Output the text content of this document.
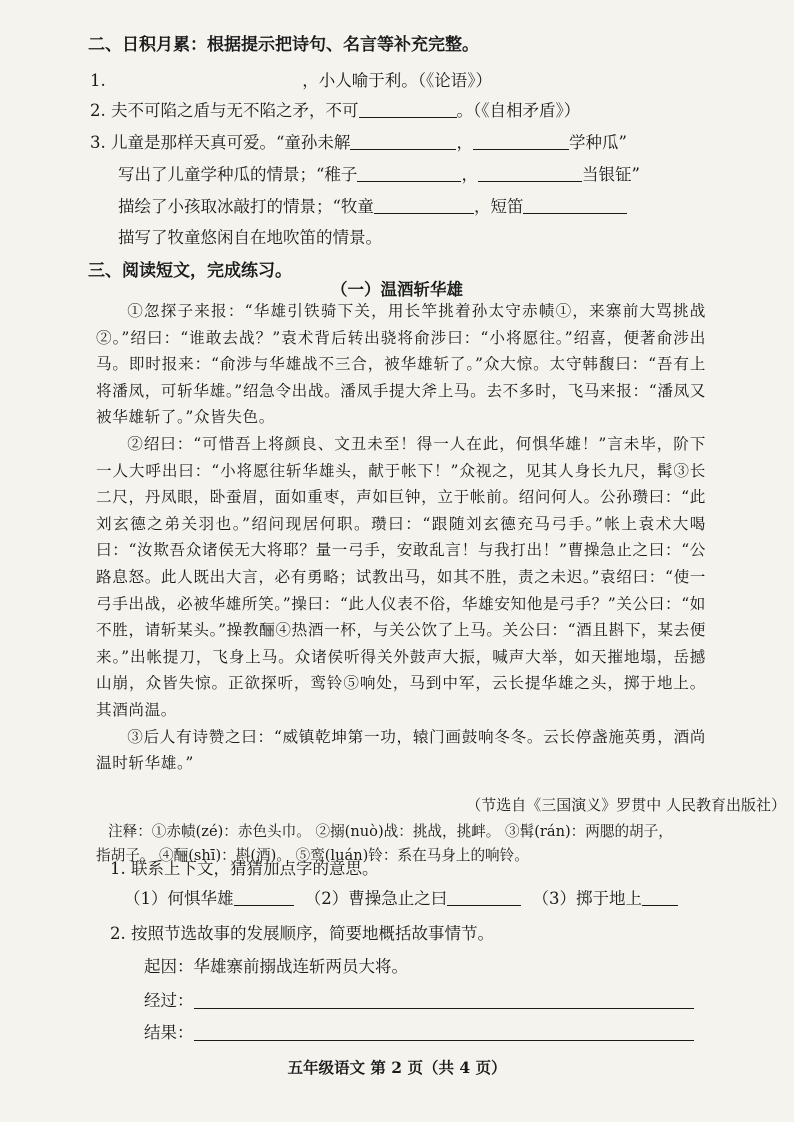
二、日积月累：根据提示把诗句、名言等补充完整。
1.	，小人喻于利。（《论语》）
2. 夫不可陷之盾与无不陷之矛，不可	。（《自相矛盾》）
3. 儿童是那样天真可爱。“童孙未解	，	学种瓜”
写出了儿童学种瓜的情景；“稚子	，	当银钲”
描绘了小孩取冰敲打的情景；“牧童	，短笛
描写了牧童悠闲自在地吹笛的情景。
三、阅读短文，完成练习。
（一）温酒斩华雄

①忽探子来报：“华雄引铁骑下关，用长竿挑着孙太守赤帻①，来寨前大骂挑战②。”绍曰：“谁敢去战？”袁术背后转出骁将俞涉曰：“小将愿往。”绍喜，便著俞涉出马。即时报来：“俞涉与华雄战不三合，被华雄斩了。”众大惊。太守韩馥曰：“吾有上将潘凤，可斩华雄。”绍急令出战。潘凤手提大斧上马。去不多时，飞马来报：“潘凤又被华雄斩了。”众皆失色。

②绍曰：“可惜吾上将颜良、文丑未至！得一人在此，何惧华雄！”言未毕，阶下一人大呼出曰：“小将愿往斩华雄头，献于帐下！”众视之，见其人身长九尺，髯③长二尺，丹凤眼，卧蚕眉，面如重枣，声如巨钟，立于帐前。绍问何人。公孙瓒曰：“此刘玄德之弟关羽也。”绍问现居何职。瓒曰：“跟随刘玄德充马弓手。”帐上袁术大喝曰：“汝欺吾众诸侯无大将耶？量一弓手，安敢乱言！与我打出！”曹操急止之曰：“公路息怒。此人既出大言，必有勇略；试教出马，如其不胜，责之未迟。”袁绍曰：“使一弓手出战，必被华雄所笑。”操曰：“此人仪表不俗，华雄安知他是弓手？”关公曰：“如不胜，请斩某头。”操教酾④热酒一杯，与关公饮了上马。关公曰：“酒且斟下，某去便来。”出帐提刀，飞身上马。众诸侯听得关外鼓声大振，喊声大举，如天摧地塌，岳撼山崩，众皆失惊。正欲探听，鸾铃⑤响处，马到中军，云长提华雄之头，掷于地上。其酒尚温。

③后人有诗赞之曰：“威镇乾坤第一功，辕门画鼓响冬冬。云长停盏施英勇，酒尚温时斩华雄。”

（节选自《三国演义》罗贯中 人民教育出版社）
注释：①赤帻(zé)：赤色头巾。 ②搦(nuò)战：挑战，挑衅。 ③髯(rán)：两腮的胡子，
指胡子。 ④酾(shī)：斟(酒)。 ⑤鸾(luán)铃：系在马身上的响铃。
1. 联系上下文，猜猜加点字的意思。
（1）何惧华雄	（2）曹操急止之曰	（3）掷于地上
2. 按照节选故事的发展顺序，简要地概括故事情节。
起因：华雄寨前搦战连斩两员大将。
经过：
结果：
五年级语文 第 2 页（共 4 页）
